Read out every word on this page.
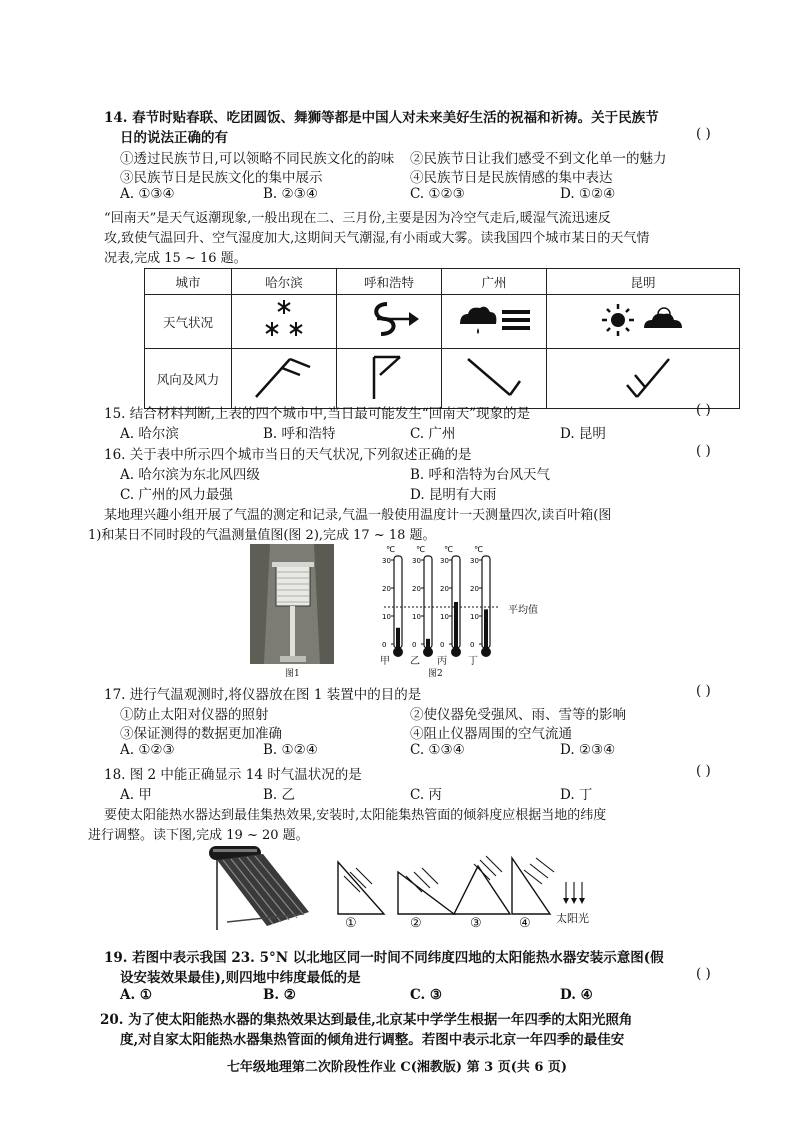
14. 春节时贴春联、吃团圆饭、舞狮等都是中国人对未来美好生活的祝福和祈祷。关于民族节
日的说法正确的有	( )
①透过民族节日,可以领略不同民族文化的韵味 ②民族节日让我们感受不到文化单一的魅力
③民族节日是民族文化的集中展示	④民族节日是民族情感的集中表达
A. ①③④	B. ②③④	C. ①②③	D. ①②④
“回南天”是天气返潮现象,一般出现在二、三月份,主要是因为冷空气走后,暖湿气流迅速反
攻,致使气温回升、空气湿度加大,这期间天气潮湿,有小雨或大雾。读我国四个城市某日的天气情
况表,完成 15 ~ 16 题。
城市	哈尔滨	呼和浩特	广州	昆明
天气状况				
风向及风力				
15. 结合材料判断,上表的四个城市中,当日最可能发生“回南天”现象的是	( )
A. 哈尔滨	B. 呼和浩特	C. 广州	D. 昆明
16. 关于表中所示四个城市当日的天气状况,下列叙述正确的是	( )
A. 哈尔滨为东北风四级	B. 呼和浩特为台风天气
C. 广州的风力最强	D. 昆明有大雨
某地理兴趣小组开展了气温的测定和记录,气温一般使用温度计一天测量四次,读百叶箱(图
1)和某日不同时段的气温测量值图(图 2),完成 17 ~ 18 题。
图1
℃
30
20
10
0
℃
30
20
10
0
℃
30
20
10
0
℃
30
20
10
0
平均值
甲 乙 丙 丁
图2
17. 进行气温观测时,将仪器放在图 1 装置中的目的是	( )
①防止太阳对仪器的照射	②使仪器免受强风、雨、雪等的影响
③保证测得的数据更加准确	④阻止仪器周围的空气流通
A. ①②③	B. ①②④	C. ①③④	D. ②③④
18. 图 2 中能正确显示 14 时气温状况的是	( )
A. 甲	B. 乙	C. 丙	D. 丁
要使太阳能热水器达到最佳集热效果,安装时,太阳能集热管面的倾斜度应根据当地的纬度
进行调整。读下图,完成 19 ~ 20 题。
①	②	③	④ 太阳光
19. 若图中表示我国 23. 5°N 以北地区同一时间不同纬度四地的太阳能热水器安装示意图(假
设安装效果最佳),则四地中纬度最低的是	( )
A. ①	B. ②	C. ③	D. ④
20. 为了使太阳能热水器的集热效果达到最佳,北京某中学学生根据一年四季的太阳光照角
度,对自家太阳能热水器集热管面的倾角进行调整。若图中表示北京一年四季的最佳安
七年级地理第二次阶段性作业 C(湘教版) 第 3 页(共 6 页)
